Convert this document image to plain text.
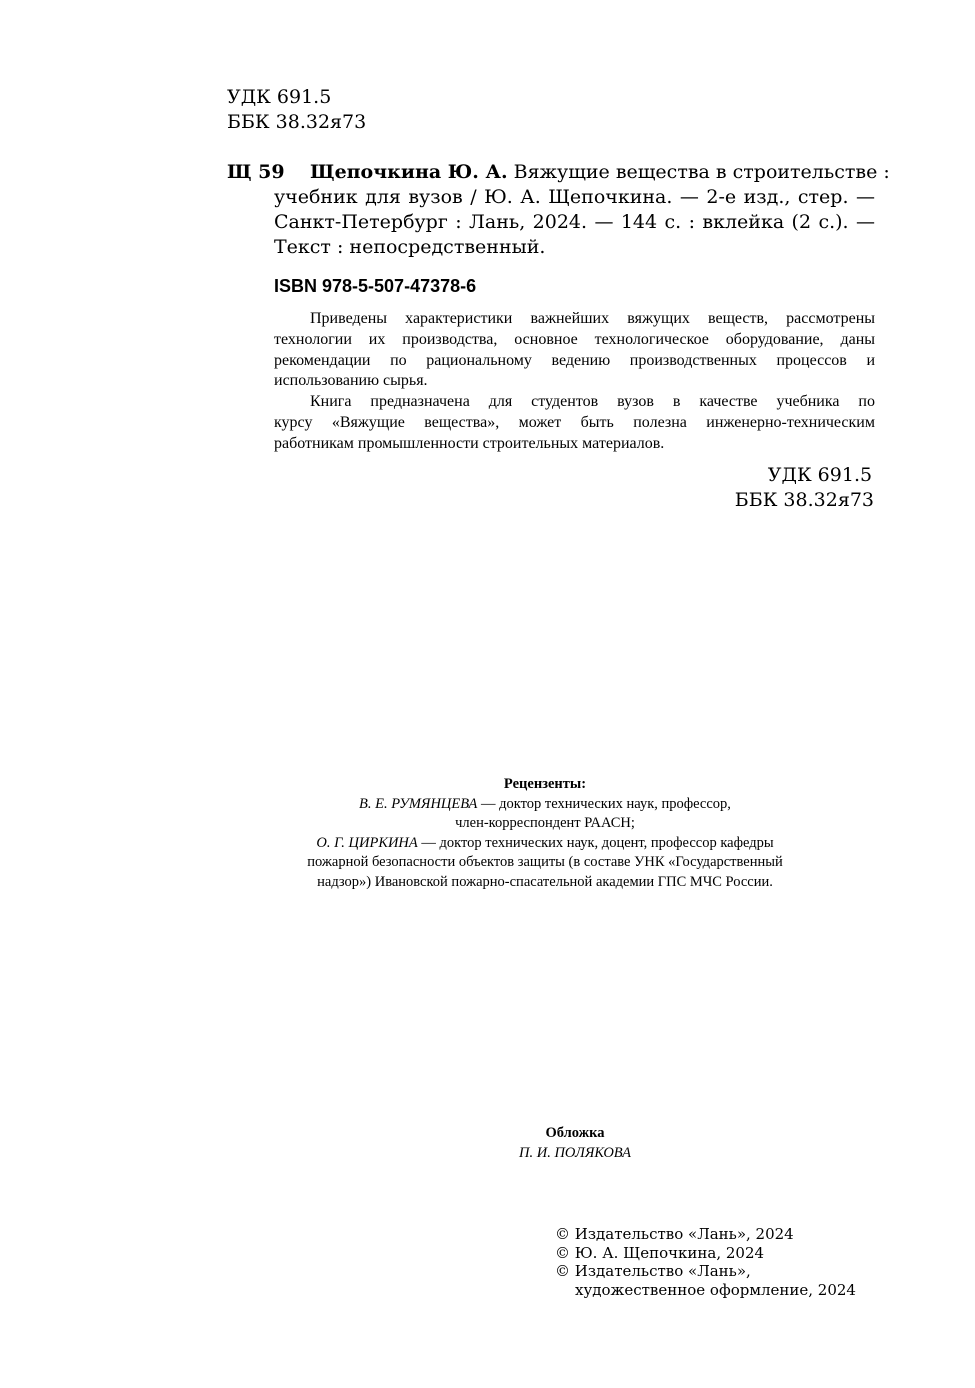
УДК 691.5
ББК 38.32я73
Щ 59 Щепочкина Ю. А. Вяжущие вещества в строительстве :
учебник для вузов / Ю. А. Щепочкина. — 2-е изд., стер. —
Санкт-Петербург : Лань, 2024. — 144 с. : вклейка (2 с.). —
Текст : непосредственный.
ISBN 978-5-507-47378-6
Приведены характеристики важнейших вяжущих веществ, рассмотрены
технологии их производства, основное технологическое оборудование, даны
рекомендации по рациональному ведению производственных процессов и
использованию сырья.
Книга предназначена для студентов вузов в качестве учебника по
курсу «Вяжущие вещества», может быть полезна инженерно-техническим
работникам промышленности строительных материалов.
УДК 691.5
ББК 38.32я73
Рецензенты:
В. Е. РУМЯНЦЕВА — доктор технических наук, профессор,
член-корреспондент РААСН;
О. Г. ЦИРКИНА — доктор технических наук, доцент, профессор кафедры
пожарной безопасности объектов защиты (в составе УНК «Государственный
надзор») Ивановской пожарно-спасательной академии ГПС МЧС России.
Обложка
П. И. ПОЛЯКОВА
© Издательство «Лань», 2024
© Ю. А. Щепочкина, 2024
© Издательство «Лань»,
художественное оформление, 2024
